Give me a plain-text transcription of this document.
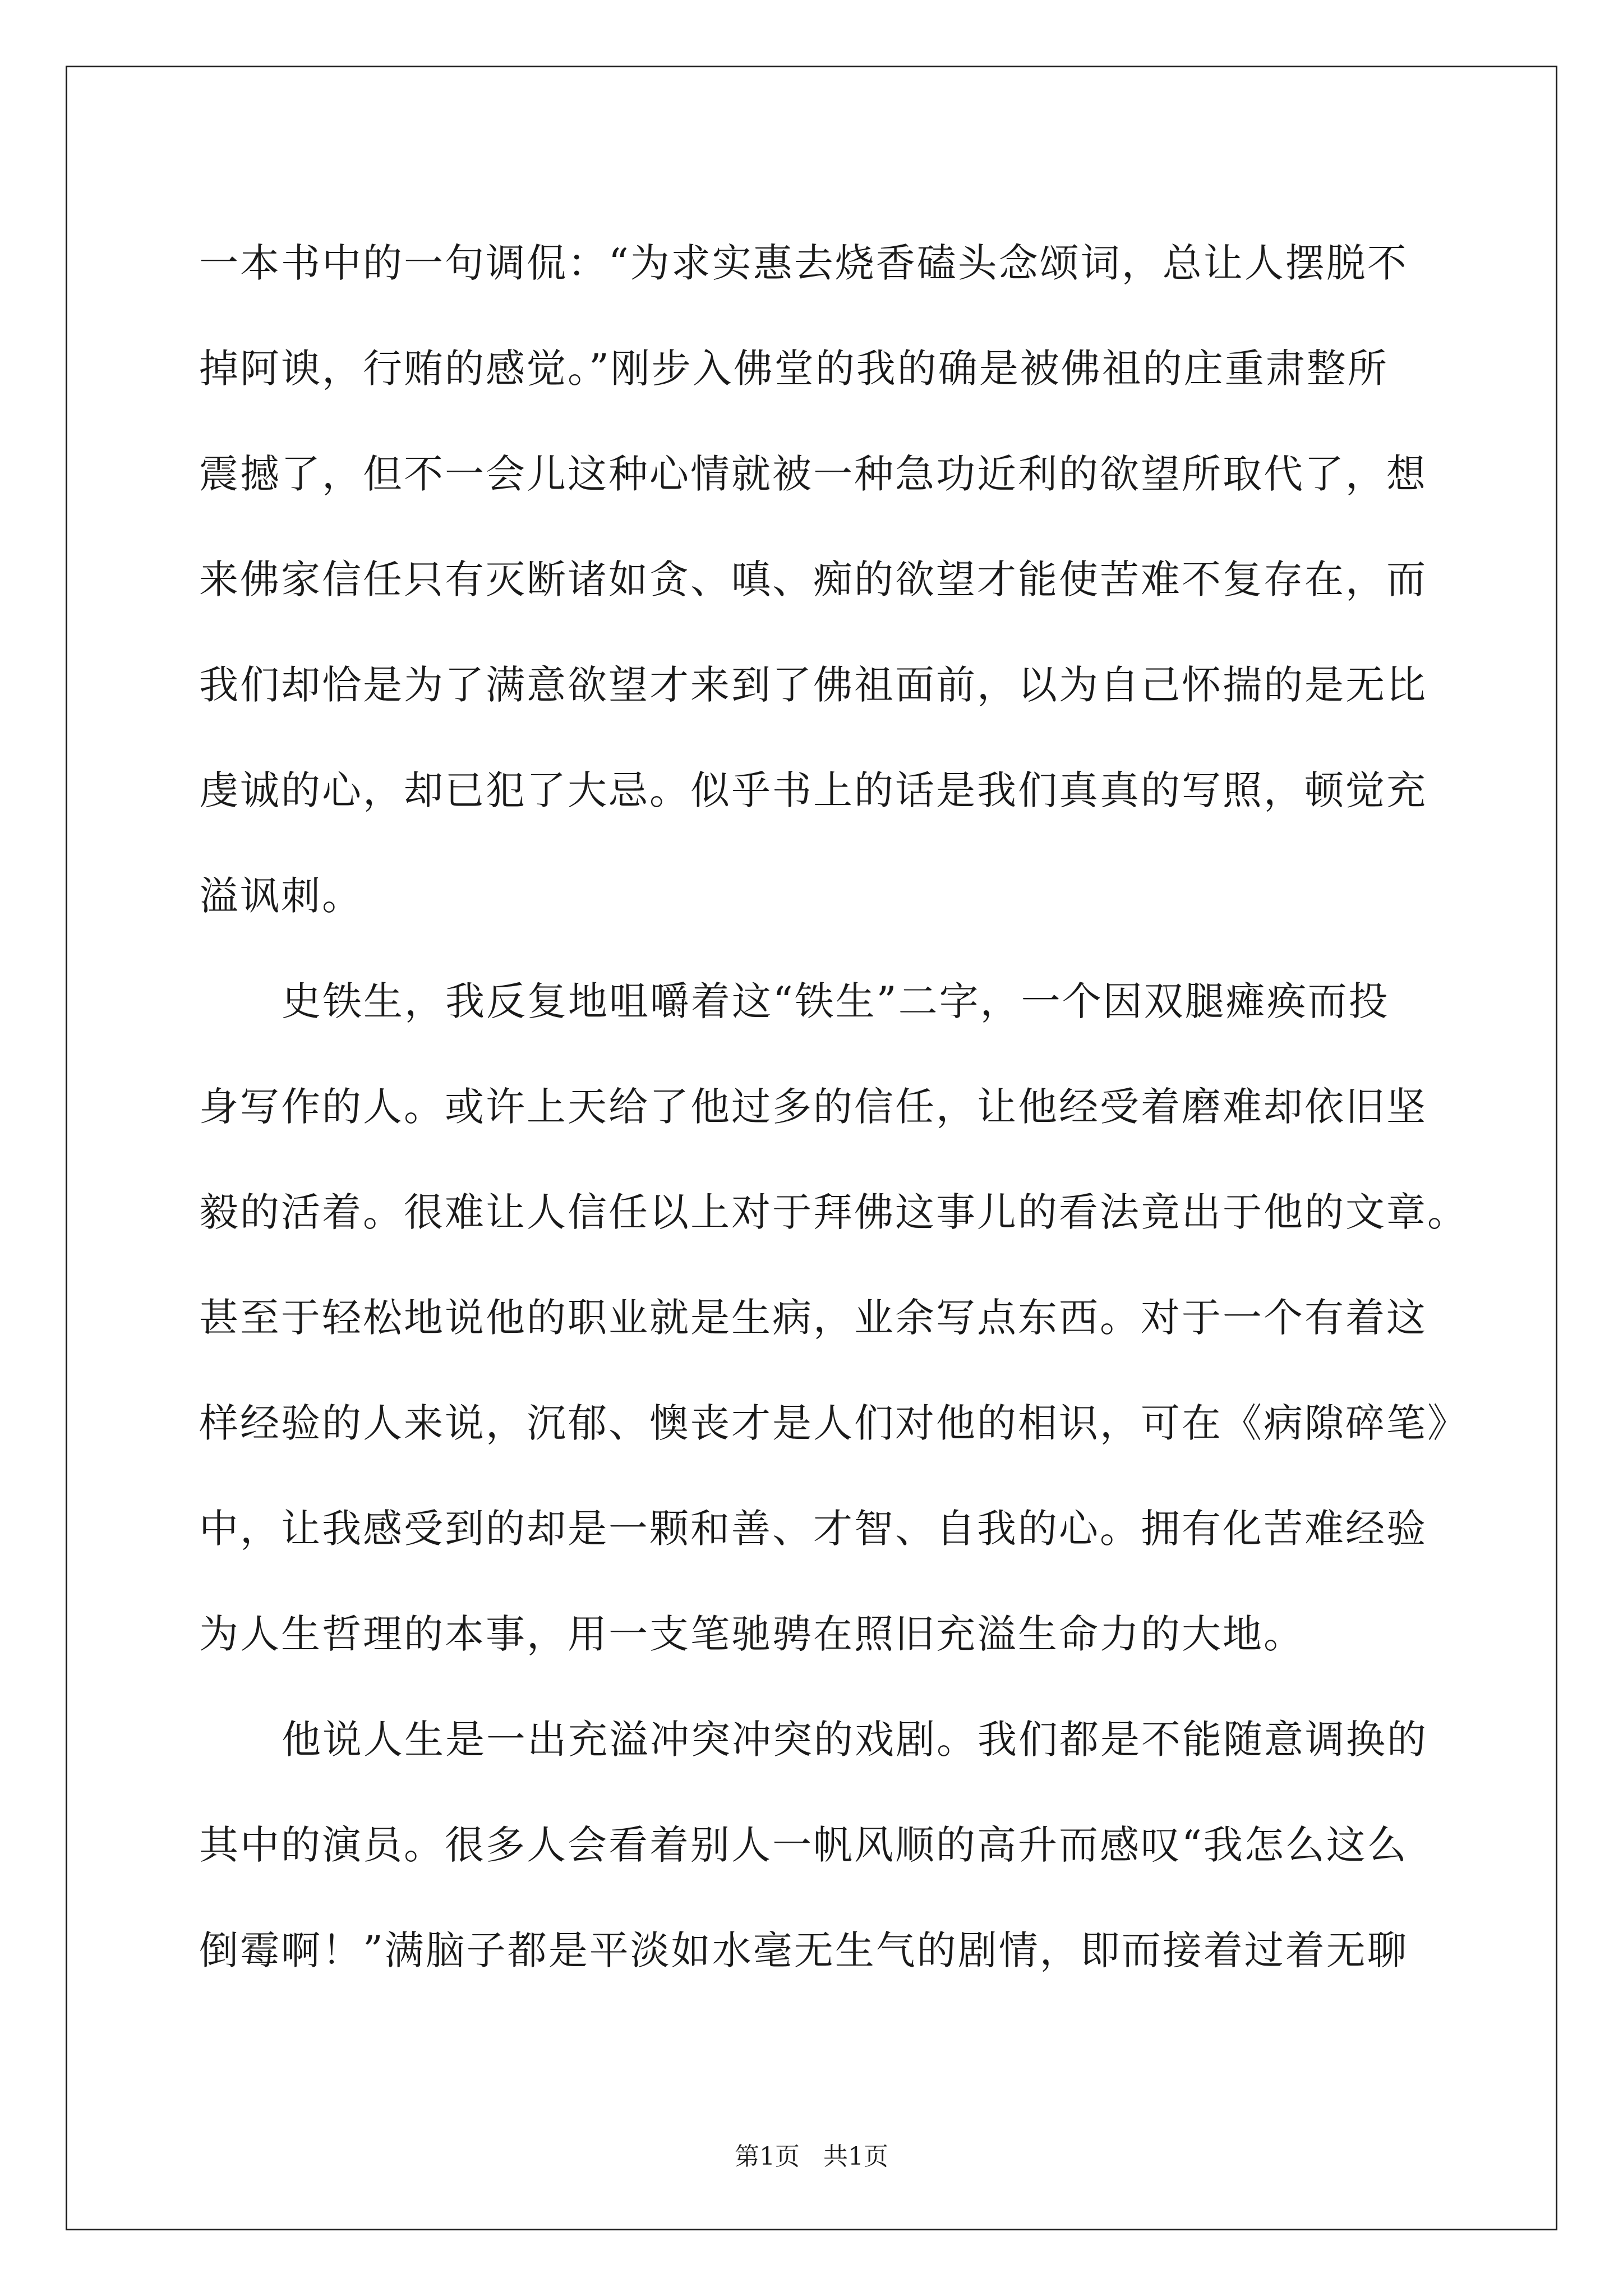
一本书中的一句调侃：“为求实惠去烧香磕头念颂词，总让人摆脱不
掉阿谀，行贿的感觉。”刚步入佛堂的我的确是被佛祖的庄重肃整所
震撼了，但不一会儿这种心情就被一种急功近利的欲望所取代了，想
来佛家信任只有灭断诸如贪、嗔、痴的欲望才能使苦难不复存在，而
我们却恰是为了满意欲望才来到了佛祖面前，以为自己怀揣的是无比
虔诚的心，却已犯了大忌。似乎书上的话是我们真真的写照，顿觉充
溢讽刺。
史铁生，我反复地咀嚼着这“铁生”二字，一个因双腿瘫痪而投
身写作的人。或许上天给了他过多的信任，让他经受着磨难却依旧坚
毅的活着。很难让人信任以上对于拜佛这事儿的看法竟出于他的文章。
甚至于轻松地说他的职业就是生病，业余写点东西。对于一个有着这
样经验的人来说，沉郁、懊丧才是人们对他的相识，可在《病隙碎笔》
中，让我感受到的却是一颗和善、才智、自我的心。拥有化苦难经验
为人生哲理的本事，用一支笔驰骋在照旧充溢生命力的大地。
他说人生是一出充溢冲突冲突的戏剧。我们都是不能随意调换的
其中的演员。很多人会看着别人一帆风顺的高升而感叹“我怎么这么
倒霉啊！”满脑子都是平淡如水毫无生气的剧情，即而接着过着无聊
第1页 共1页
